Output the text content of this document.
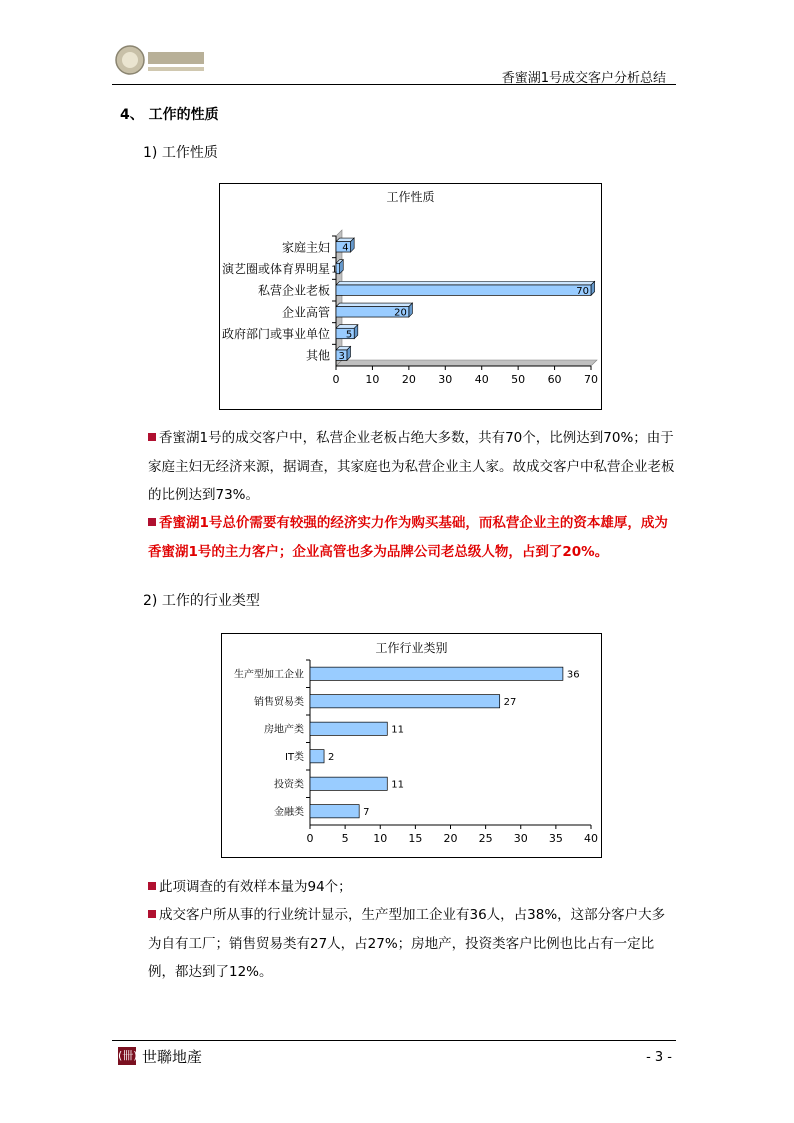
香蜜湖1号成交客户分析总结
4、 工作的性质
1) 工作性质
工作性质
0 10 20 30 40 50 60 70
家庭主妇 4
演艺圈或体育界明星 1
私营企业老板	70
企业高管	20
政府部门或事业单位 5
其他 3
香蜜湖1号的成交客户中，私营企业老板占绝大多数，共有70个，比例达到70%；由于家庭主妇无经济来源，据调查，其家庭也为私营企业主人家。故成交客户中私营企业老板的比例达到73%。
香蜜湖1号总价需要有较强的经济实力作为购买基础，而私营企业主的资本雄厚，成为香蜜湖1号的主力客户；企业高管也多为品牌公司老总级人物，占到了20%。
2) 工作的行业类型
工作行业类别
0	5 10 15 20 25 30 35 40
生产型加工企业	36
销售贸易类	27
房地产类	11
IT类 2
投资类	11
金融类	7
此项调查的有效样本量为94个；
成交客户所从事的行业统计显示，生产型加工企业有36人，占38%，这部分客户大多为自有工厂；销售贸易类有27人，占27%；房地产，投资类客户比例也比占有一定比例，都达到了12%。
(卌) 世聯地產	- 3 -
